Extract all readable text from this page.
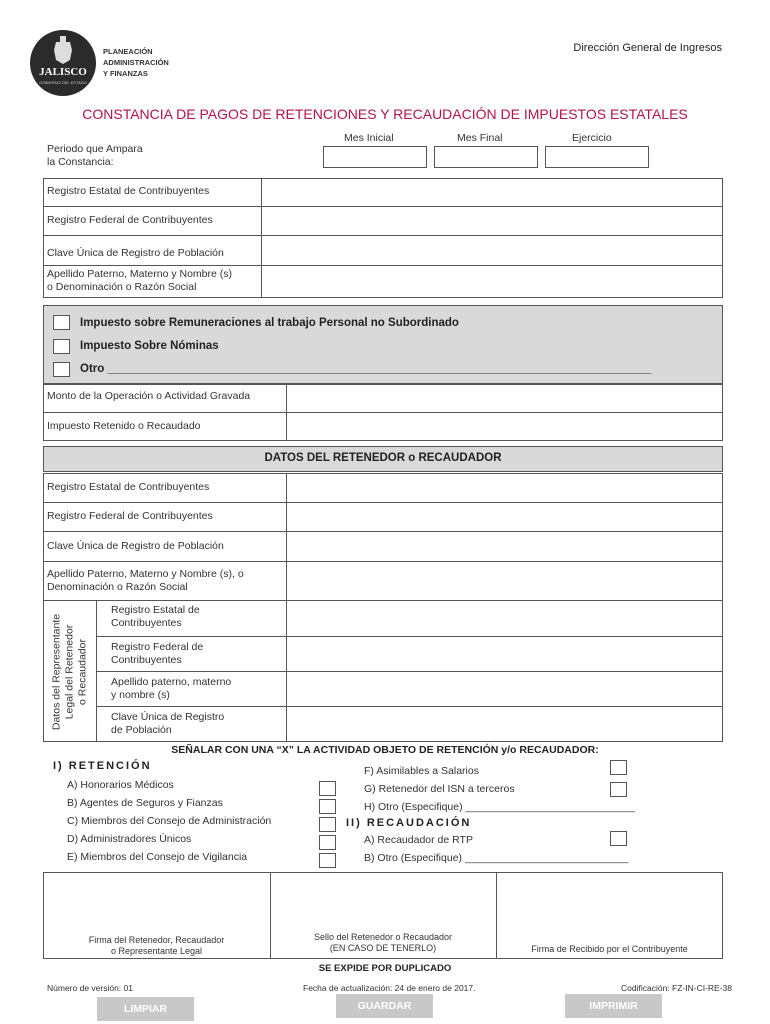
JALISCO
GOBIERNO DEL ESTADO
PLANEACIÓN
ADMINISTRACIÓN
Y FINANZAS
Dirección General de Ingresos
CONSTANCIA DE PAGOS DE RETENCIONES Y RECAUDACIÓN DE IMPUESTOS ESTATALES
Periodo que Ampara
la Constancia:
Mes Inicial	Mes Final	Ejercicio
Registro Estatal de Contribuyentes
Registro Federal de Contribuyentes
Clave Única de Registro de Población
Apellido Paterno, Materno y Nombre (s)
o Denominación o Razón Social
Impuesto sobre Remuneraciones al trabajo Personal no Subordinado
Impuesto Sobre Nóminas
Otro _____________________________________________________________________________________
Monto de la Operación o Actividad Gravada
Impuesto Retenido o Recaudado
DATOS DEL RETENEDOR o RECAUDADOR
Registro Estatal de Contribuyentes
Registro Federal de Contribuyentes
Clave Única de Registro de Población
Apellido Paterno, Materno y Nombre (s), o
Denominación o Razón Social
Datos del Representante Legal del Retenedor o Recaudador
Registro Estatal de
Contribuyentes
Registro Federal de
Contribuyentes
Apellido paterno, materno
y nombre (s)
Clave Única de Registro
de Población
SEÑALAR CON UNA “X” LA ACTIVIDAD OBJETO DE RETENCIÓN y/o RECAUDADOR:
I) RETENCIÓN
A) Honorarios Médicos
B) Agentes de Seguros y Fianzas
C) Miembros del Consejo de Administración
D) Administradores Únicos
E) Miembros del Consejo de Vigilancia
F) Asimilables a Salarios
G) Retenedor del ISN a terceros
H) Otro (Especifique) _____________________________
II) RECAUDACIÓN
A) Recaudador de RTP
B) Otro (Especifique) ____________________________
Firma del Retenedor, Recaudador
o Representante Legal
Sello del Retenedor o Recaudador
(EN CASO DE TENERLO)	Firma de Recibido por el Contribuyente
SE EXPIDE POR DUPLICADO
Número de versión: 01	Fecha de actualización: 24 de enero de 2017.	Codificación: FZ-IN-CI-RE-38
LIMPIAR	GUARDAR	IMPRIMIR
